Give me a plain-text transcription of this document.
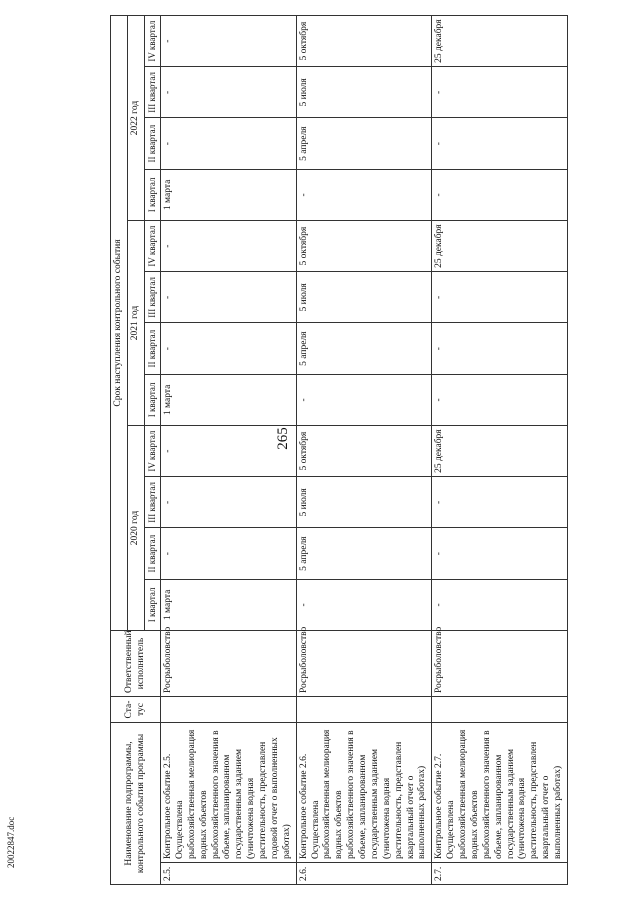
265
20022847.doc	Наименование подпрограммы, контрольного события программы		Ста-тус	Ответственный исполнитель	Срок наступления контрольного события											
				2020 год				2021 год				2022 год			
				I квартал	II квартал	III квартал	IV квартал	I квартал	II квартал	III квартал	IV квартал	I квартал	II квартал	III квартал	IV квартал
2.5.	Контрольное событие 2.5. Осуществлена рыбохозяйственная мелиорация водных объектов рыбохозяйственного значения в объеме, запланированном государственным заданием (уничтожена водная растительность, представлен годовой отчет о выполненных работах)		Росрыболовство	1 марта	-	-	-	1 марта	-	-	-	1 марта	-	-	-
2.6.	Контрольное событие 2.6. Осуществлена рыбохозяйственная мелиорация водных объектов рыбохозяйственного значения в объеме, запланированном государственным заданием (уничтожена водная растительность, представлен квартальный отчет о выполненных работах)		Росрыболовство	-	5 апреля	5 июля	5 октября	-	5 апреля	5 июля	5 октября	-	5 апреля	5 июля	5 октября
2.7.	Контрольное событие 2.7. Осуществлена рыбохозяйственная мелиорация водных объектов рыбохозяйственного значения в объеме, запланированном государственным заданием (уничтожена водная растительность, представлен квартальный отчет о выполненных работах)		Росрыболовство	-	-	-	25 декабря	-	-	-	25 декабря	-	-	-	25 декабря
